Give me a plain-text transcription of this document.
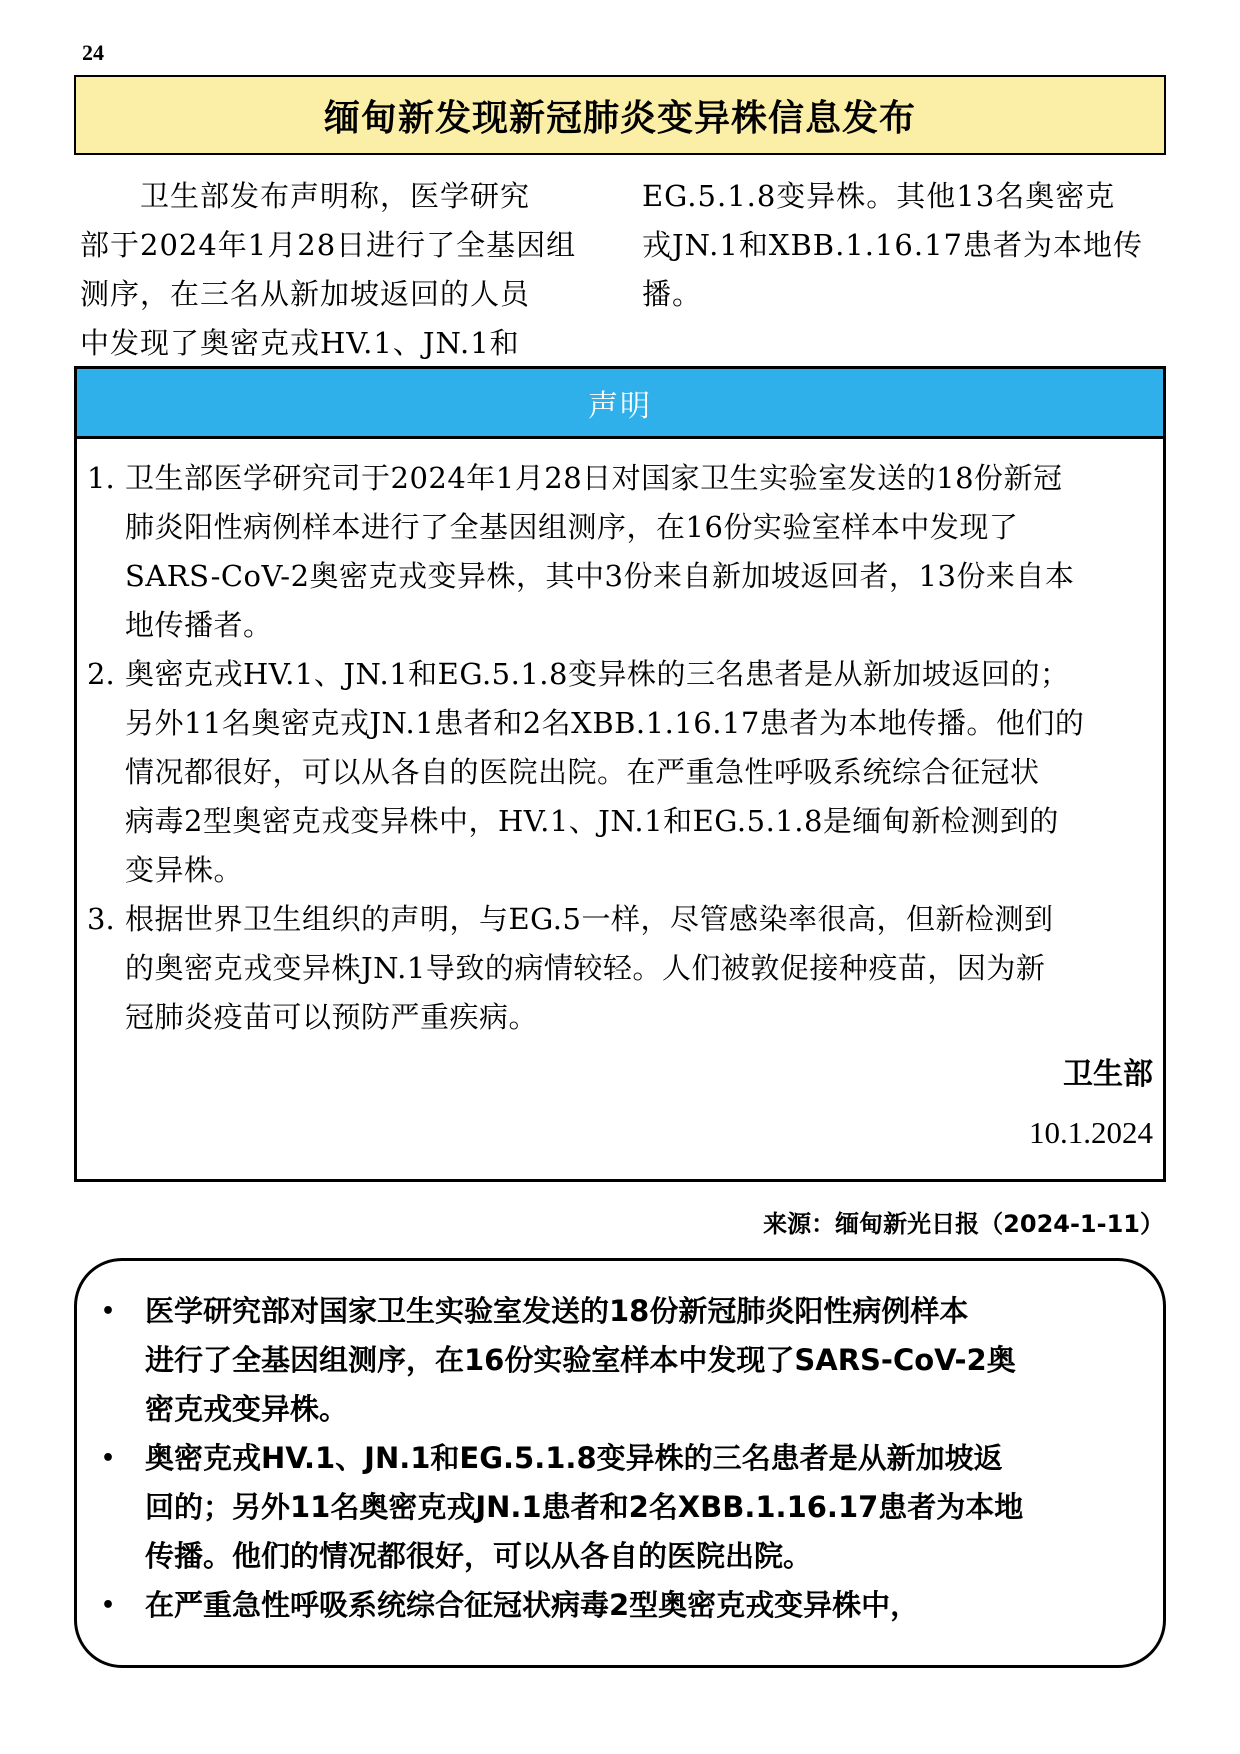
24
缅甸新发现新冠肺炎变异株信息发布
　　卫生部发布声明称，医学研究
部于2024年1月28日进行了全基因组
测序，在三名从新加坡返回的人员
中发现了奥密克戎HV.1、JN.1和
EG.5.1.8变异株。其他13名奥密克
戎JN.1和XBB.1.16.17患者为本地传
播。
声明
1. 卫生部医学研究司于2024年1月28日对国家卫生实验室发送的18份新冠
肺炎阳性病例样本进行了全基因组测序，在16份实验室样本中发现了
SARS-CoV-2奥密克戎变异株，其中3份来自新加坡返回者，13份来自本
地传播者。
2. 奥密克戎HV.1、JN.1和EG.5.1.8变异株的三名患者是从新加坡返回的；
另外11名奥密克戎JN.1患者和2名XBB.1.16.17患者为本地传播。他们的
情况都很好，可以从各自的医院出院。在严重急性呼吸系统综合征冠状
病毒2型奥密克戎变异株中，HV.1、JN.1和EG.5.1.8是缅甸新检测到的
变异株。
3. 根据世界卫生组织的声明，与EG.5一样，尽管感染率很高，但新检测到
的奥密克戎变异株JN.1导致的病情较轻。人们被敦促接种疫苗，因为新
冠肺炎疫苗可以预防严重疾病。
卫生部
10.1.2024
来源：缅甸新光日报（2024-1-11）
•	医学研究部对国家卫生实验室发送的18份新冠肺炎阳性病例样本
进行了全基因组测序，在16份实验室样本中发现了SARS-CoV-2奥
密克戎变异株。
•	奥密克戎HV.1、JN.1和EG.5.1.8变异株的三名患者是从新加坡返
回的；另外11名奥密克戎JN.1患者和2名XBB.1.16.17患者为本地
传播。他们的情况都很好，可以从各自的医院出院。
•	在严重急性呼吸系统综合征冠状病毒2型奥密克戎变异株中，
